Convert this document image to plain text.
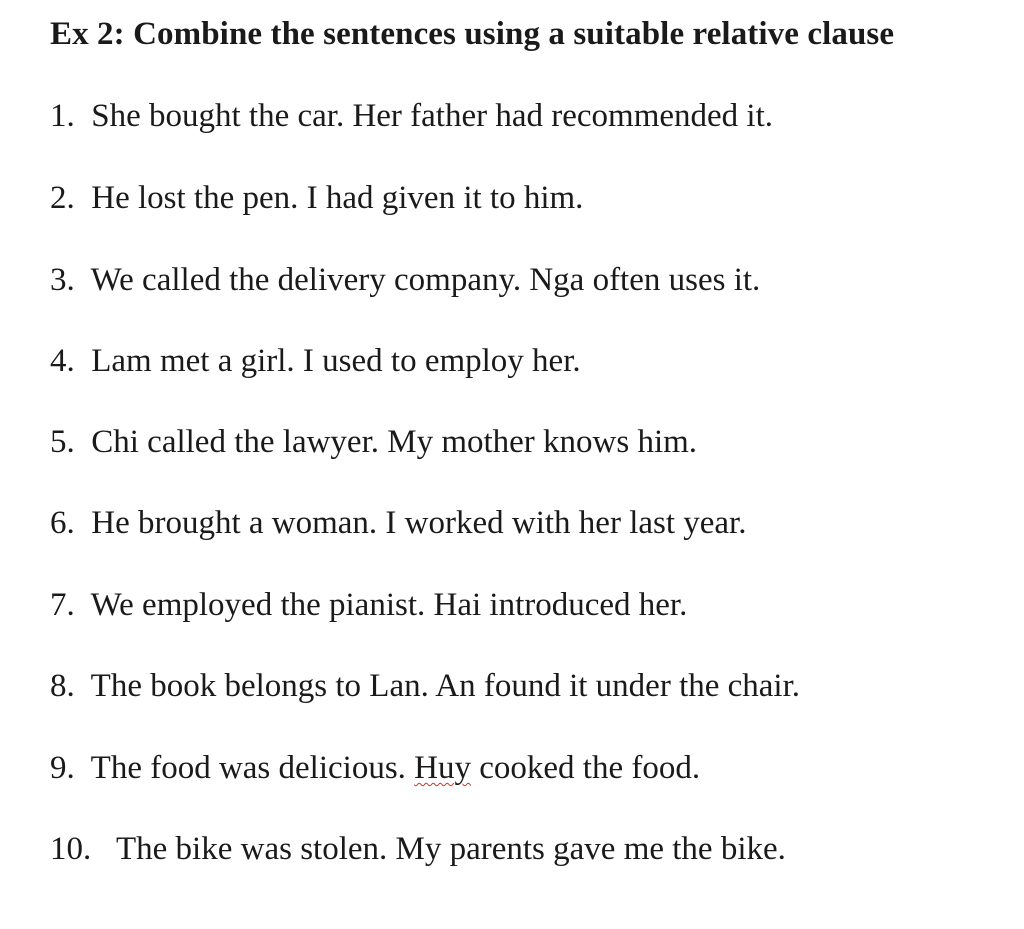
Ex 2: Combine the sentences using a suitable relative clause
1.  She bought the car. Her father had recommended it.
2.  He lost the pen. I had given it to him.
3.  We called the delivery company. Nga often uses it.
4.  Lam met a girl. I used to employ her.
5.  Chi called the lawyer. My mother knows him.
6.  He brought a woman. I worked with her last year.
7.  We employed the pianist. Hai introduced her.
8.  The book belongs to Lan. An found it under the chair.
9.  The food was delicious. Huy cooked the food.
10. The bike was stolen. My parents gave me the bike.
